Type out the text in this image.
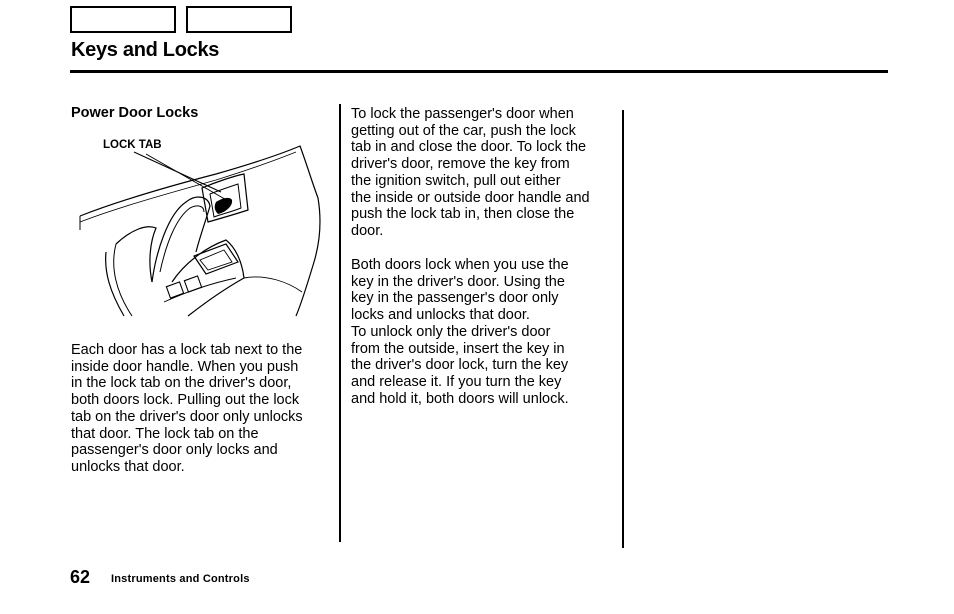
Keys and Locks
Power Door Locks
LOCK TAB
Each door has a lock tab next to the
inside door handle. When you push
in the lock tab on the driver's door,
both doors lock. Pulling out the lock
tab on the driver's door only unlocks
that door. The lock tab on the
passenger's door only locks and
unlocks that door.
To lock the passenger's door when
getting out of the car, push the lock
tab in and close the door. To lock the
driver's door, remove the key from
the ignition switch, pull out either
the inside or outside door handle and
push the lock tab in, then close the
door.
Both doors lock when you use the
key in the driver's door. Using the
key in the passenger's door only
locks and unlocks that door.
To unlock only the driver's door
from the outside, insert the key in
the driver's door lock, turn the key
and release it. If you turn the key
and hold it, both doors will unlock.
62 Instruments and Controls
